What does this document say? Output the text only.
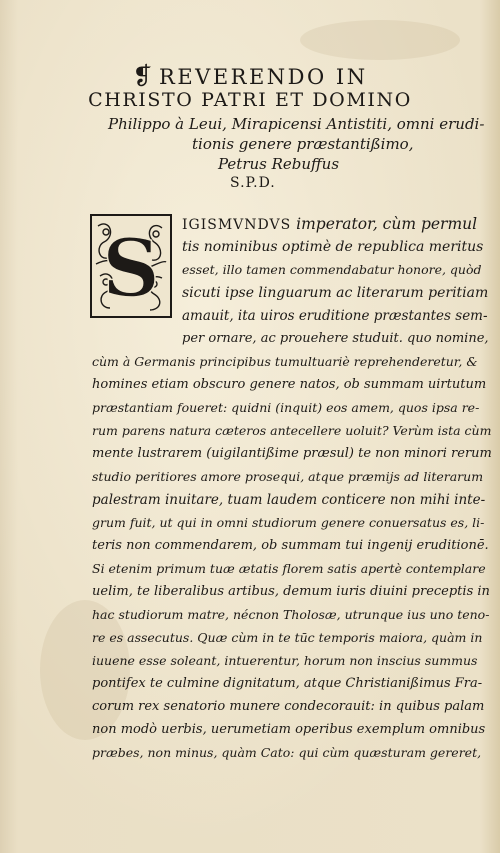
❡ REVERENDO IN
CHRISTO PATRI ET DOMINO

Philippo à Leui, Mirapicensi Antistiti, omni erudi-

tionis genere præstantißimo,

Petrus Rebuffus

S.P.D.

S IGISMVNDVS imperator, cùm permul

tis nominibus optimè de republica meritus

esset, illo tamen commendabatur honore, quòd

sicuti ipse linguarum ac literarum peritiam

amauit, ita uiros eruditione præstantes sem-

per ornare, ac prouehere studuit. quo nomine,

cùm à Germanis principibus tumultuariè reprehenderetur, &

homines etiam obscuro genere natos, ob summam uirtutum

præstantiam foueret: quidni (inquit) eos amem, quos ipsa re-

rum parens natura cæteros antecellere uoluit? Verùm ista cùm

mente lustrarem (uigilantißime præsul) te non minori rerum

studio peritiores amore prosequi, atque præmijs ad literarum

palestram inuitare, tuam laudem conticere non mihi inte-

grum fuit, ut qui in omni studiorum genere conuersatus es, li-

teris non commendarem, ob summam tui ingenij eruditionē.

Si etenim primum tuæ ætatis florem satis apertè contemplare

uelim, te liberalibus artibus, demum iuris diuini preceptis in

hac studiorum matre, nécnon Tholosæ, utrunque ius uno teno-

re es assecutus. Quæ cùm in te tūc temporis maiora, quàm in

iuuene esse soleant, intuerentur, horum non inscius summus

pontifex te culmine dignitatum, atque Christianißimus Fra-

corum rex senatorio munere condecorauit: in quibus palam

non modò uerbis, uerumetiam operibus exemplum omnibus

præbes, non minus, quàm Cato: qui cùm quæsturam gereret,
